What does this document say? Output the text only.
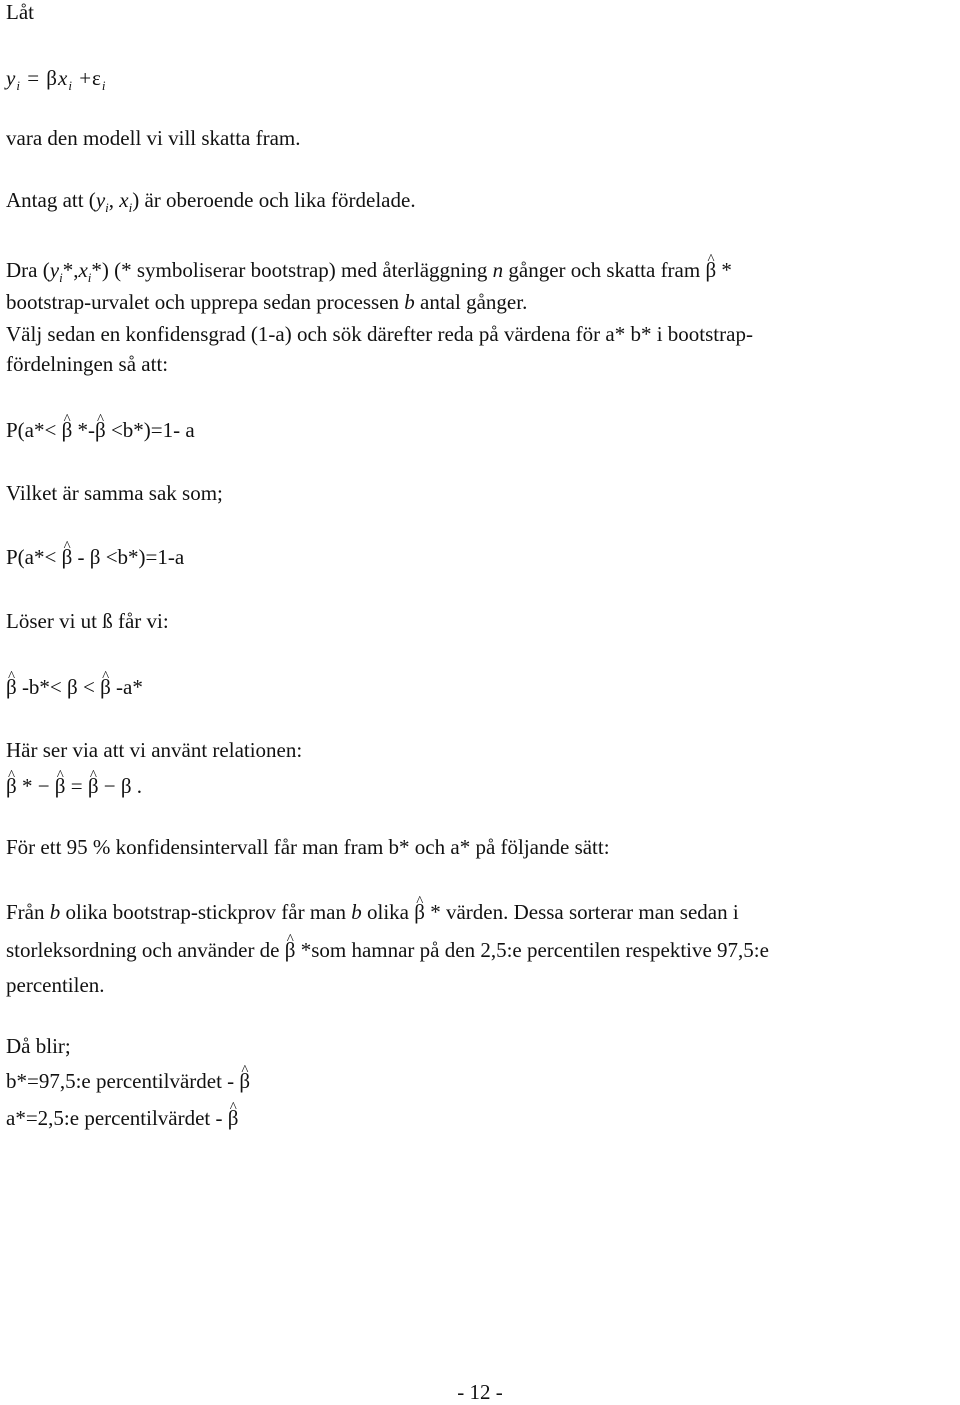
Låt
$y_i = \beta x_i +\varepsilon_i$
vara den modell vi vill skatta fram.
Antag att ($y_i$, $x_i$) är oberoende och lika fördelade.
Dra $(y_i*,x_i*)$ (* symboliserar bootstrap) med återläggning n gånger och skatta fram ^ β *
bootstrap-urvalet och upprepa sedan processen b antal gånger.
Välj sedan en konfidensgrad (1-a) och sök därefter reda på värdena för a* b* i bootstrap-
fördelningen så att:
P(a*< ^ β *-^ β <b*)=1- a
Vilket är samma sak som;
P(a*< ^ β - β <b*)=1-a
Löser vi ut ß får vi:
^ β -b*< β < ^ β -a*
Här ser via att vi använt relationen:
^ β * − ^ β = ^ β − β .
För ett 95 % konfidensintervall får man fram b* och a* på följande sätt:
Från b olika bootstrap-stickprov får man b olika ^ β * värden. Dessa sorterar man sedan i
storleksordning och använder de ^ β *som hamnar på den 2,5:e percentilen respektive 97,5:e
percentilen.
Då blir;
b*=97,5:e percentilvärdet - ^ β
a*=2,5:e percentilvärdet - ^ β
- 12 -
